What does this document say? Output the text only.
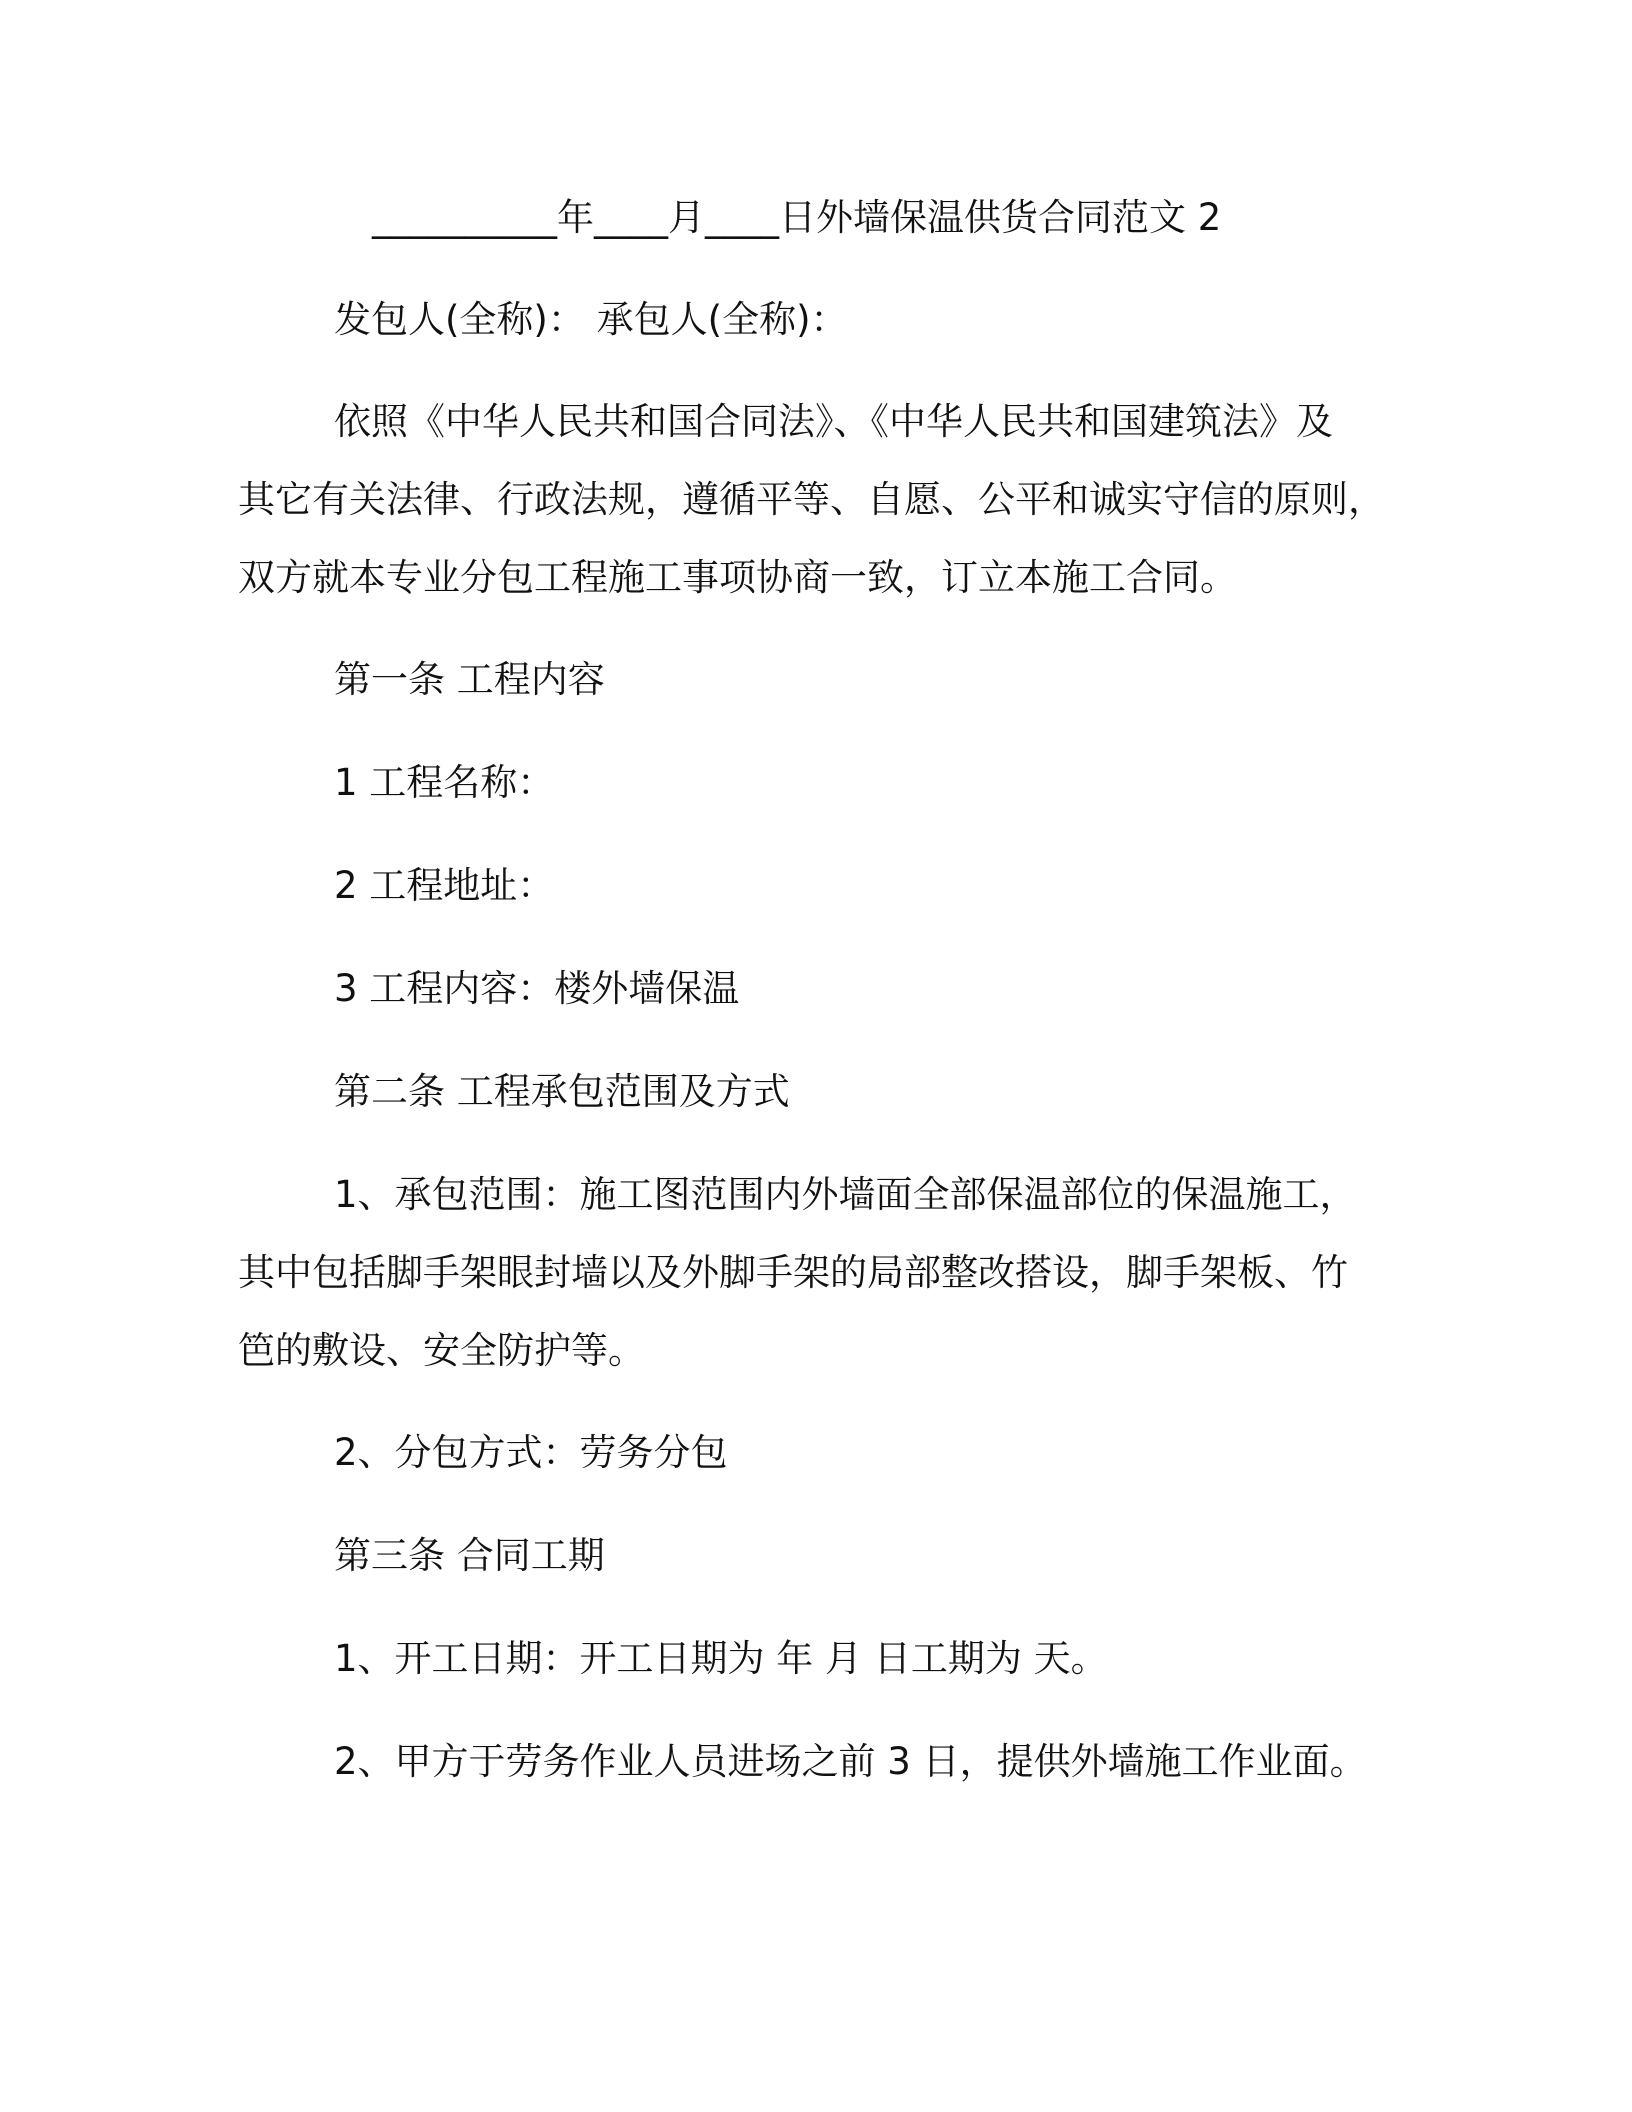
__________年____月____日外墙保温供货合同范文 2
发包人(全称)： 承包人(全称)：
依照《中华人民共和国合同法》、《中华人民共和国建筑法》及
其它有关法律、行政法规，遵循平等、自愿、公平和诚实守信的原则，
双方就本专业分包工程施工事项协商一致，订立本施工合同。
第一条 工程内容
1 工程名称：
2 工程地址：
3 工程内容：楼外墙保温
第二条 工程承包范围及方式
1、承包范围：施工图范围内外墙面全部保温部位的保温施工，
其中包括脚手架眼封墙以及外脚手架的局部整改搭设，脚手架板、竹
笆的敷设、安全防护等。
2、分包方式：劳务分包
第三条 合同工期
1、开工日期：开工日期为 年 月 日工期为 天。
2、甲方于劳务作业人员进场之前 3 日，提供外墙施工作业面。
